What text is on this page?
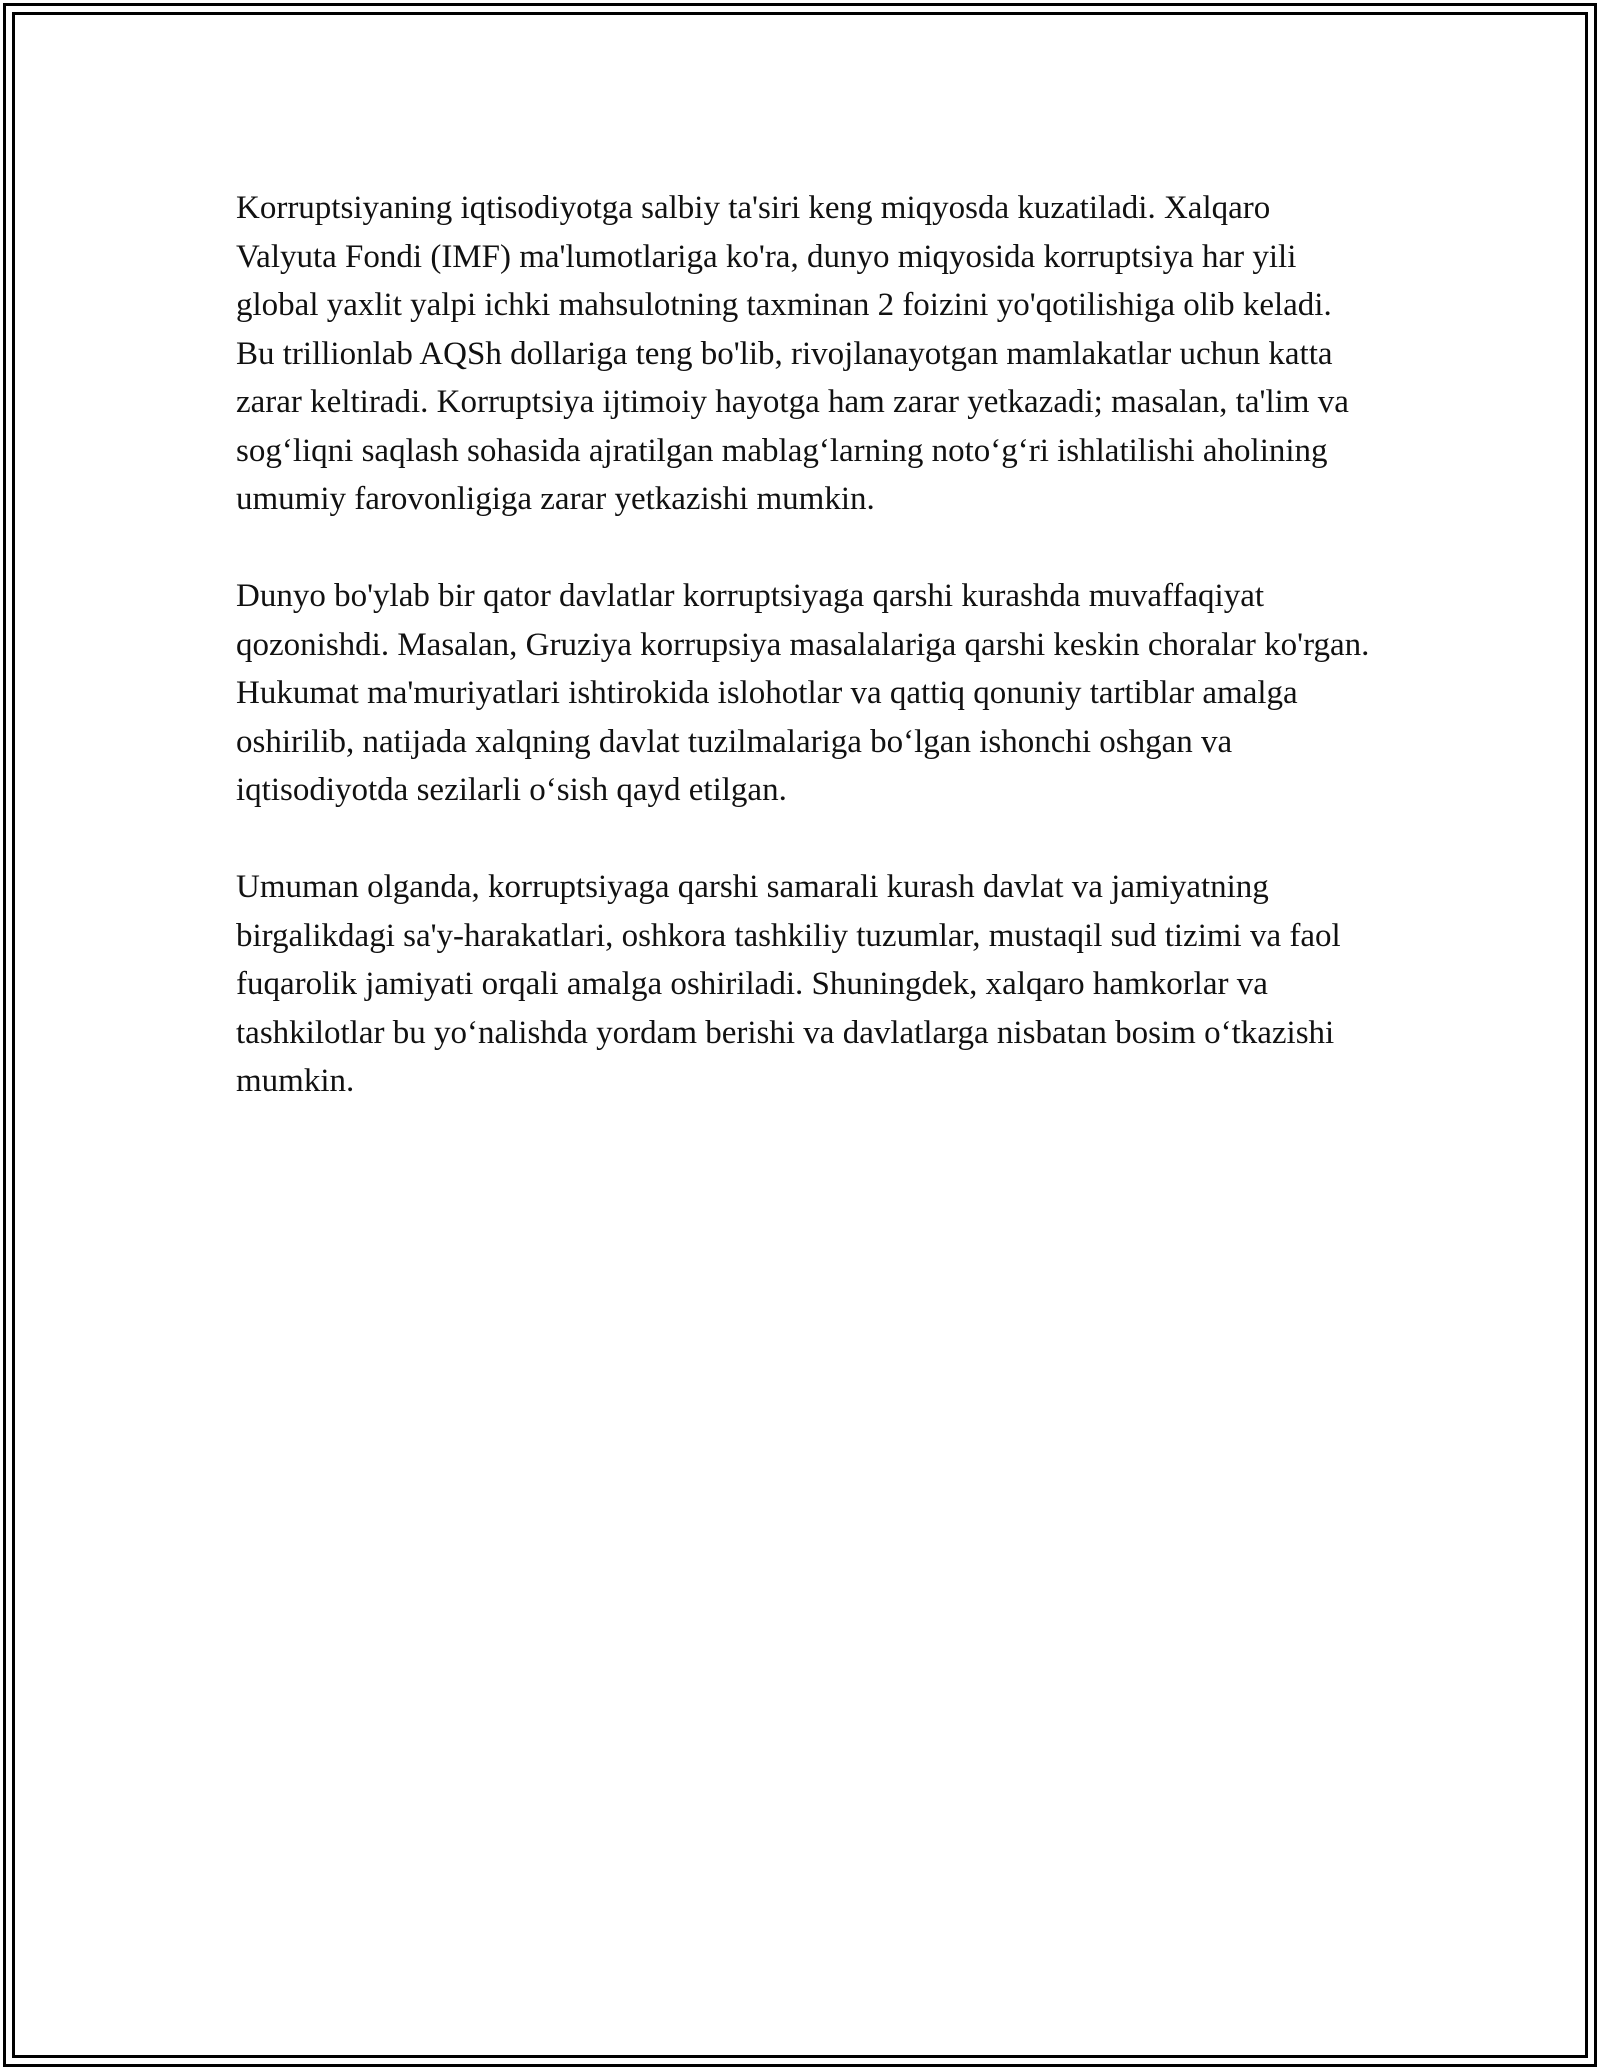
Korruptsiyaning iqtisodiyotga salbiy ta'siri keng miqyosda kuzatiladi. Xalqaro Valyuta Fondi (IMF) ma'lumotlariga ko'ra, dunyo miqyosida korruptsiya har yili global yaxlit yalpi ichki mahsulotning taxminan 2 foizini yo'qotilishiga olib keladi. Bu trillionlab AQSh dollariga teng bo'lib, rivojlanayotgan mamlakatlar uchun katta zarar keltiradi. Korruptsiya ijtimoiy hayotga ham zarar yetkazadi; masalan, ta'lim va sog‘liqni saqlash sohasida ajratilgan mablag‘larning noto‘g‘ri ishlatilishi aholining umumiy farovonligiga zarar yetkazishi mumkin.

Dunyo bo'ylab bir qator davlatlar korruptsiyaga qarshi kurashda muvaffaqiyat qozonishdi. Masalan, Gruziya korrupsiya masalalariga qarshi keskin choralar ko'rgan. Hukumat ma'muriyatlari ishtirokida islohotlar va qattiq qonuniy tartiblar amalga oshirilib, natijada xalqning davlat tuzilmalariga bo‘lgan ishonchi oshgan va iqtisodiyotda sezilarli o‘sish qayd etilgan.

Umuman olganda, korruptsiyaga qarshi samarali kurash davlat va jamiyatning birgalikdagi sa'y-harakatlari, oshkora tashkiliy tuzumlar, mustaqil sud tizimi va faol fuqarolik jamiyati orqali amalga oshiriladi. Shuningdek, xalqaro hamkorlar va tashkilotlar bu yo‘nalishda yordam berishi va davlatlarga nisbatan bosim o‘tkazishi mumkin.
